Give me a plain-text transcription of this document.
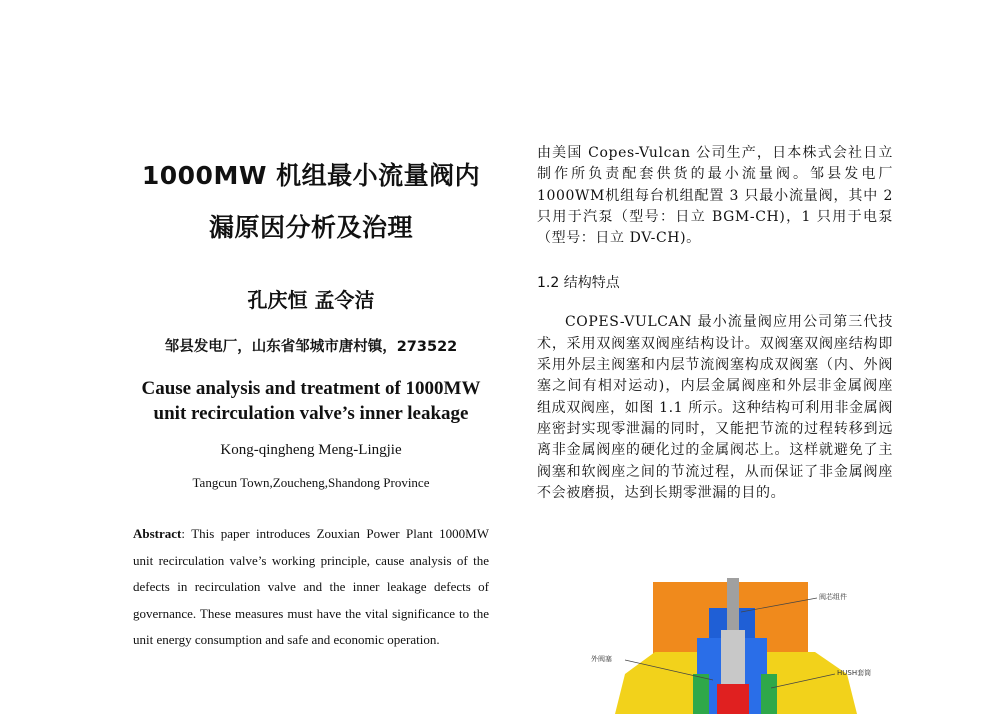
1000MW 机组最小流量阀内
漏原因分析及治理
孔庆恒 孟令洁
邹县发电厂，山东省邹城市唐村镇，273522
Cause analysis and treatment of 1000MW unit recirculation valve’s inner leakage
Kong-qingheng Meng-Lingjie
Tangcun Town,Zoucheng,Shandong Province
Abstract: This paper introduces Zouxian Power Plant 1000MW unit recirculation valve’s working principle, cause analysis of the defects in recirculation valve and the inner leakage defects of governance. These measures must have the vital significance to the unit energy consumption and safe and economic operation.

由美国 Copes-Vulcan 公司生产，日本株式会社日立制作所负责配套供货的最小流量阀。邹县发电厂1000WM机组每台机组配置 3 只最小流量阀，其中 2 只用于汽泵（型号：日立 BGM-CH)，1 只用于电泵（型号：日立 DV-CH)。

1.2 结构特点

COPES-VULCAN 最小流量阀应用公司第三代技术，采用双阀塞双阀座结构设计。双阀塞双阀座结构即采用外层主阀塞和内层节流阀塞构成双阀塞（内、外阀塞之间有相对运动)，内层金属阀座和外层非金属阀座组成双阀座，如图 1.1 所示。这种结构可利用非金属阀座密封实现零泄漏的同时，又能把节流的过程转移到远离非金属阀座的硬化过的金属阀芯上。这样就避免了主阀塞和软阀座之间的节流过程，从而保证了非金属阀座不会被磨损，达到长期零泄漏的目的。

阀芯组件
外阀塞
HUSH套筒
